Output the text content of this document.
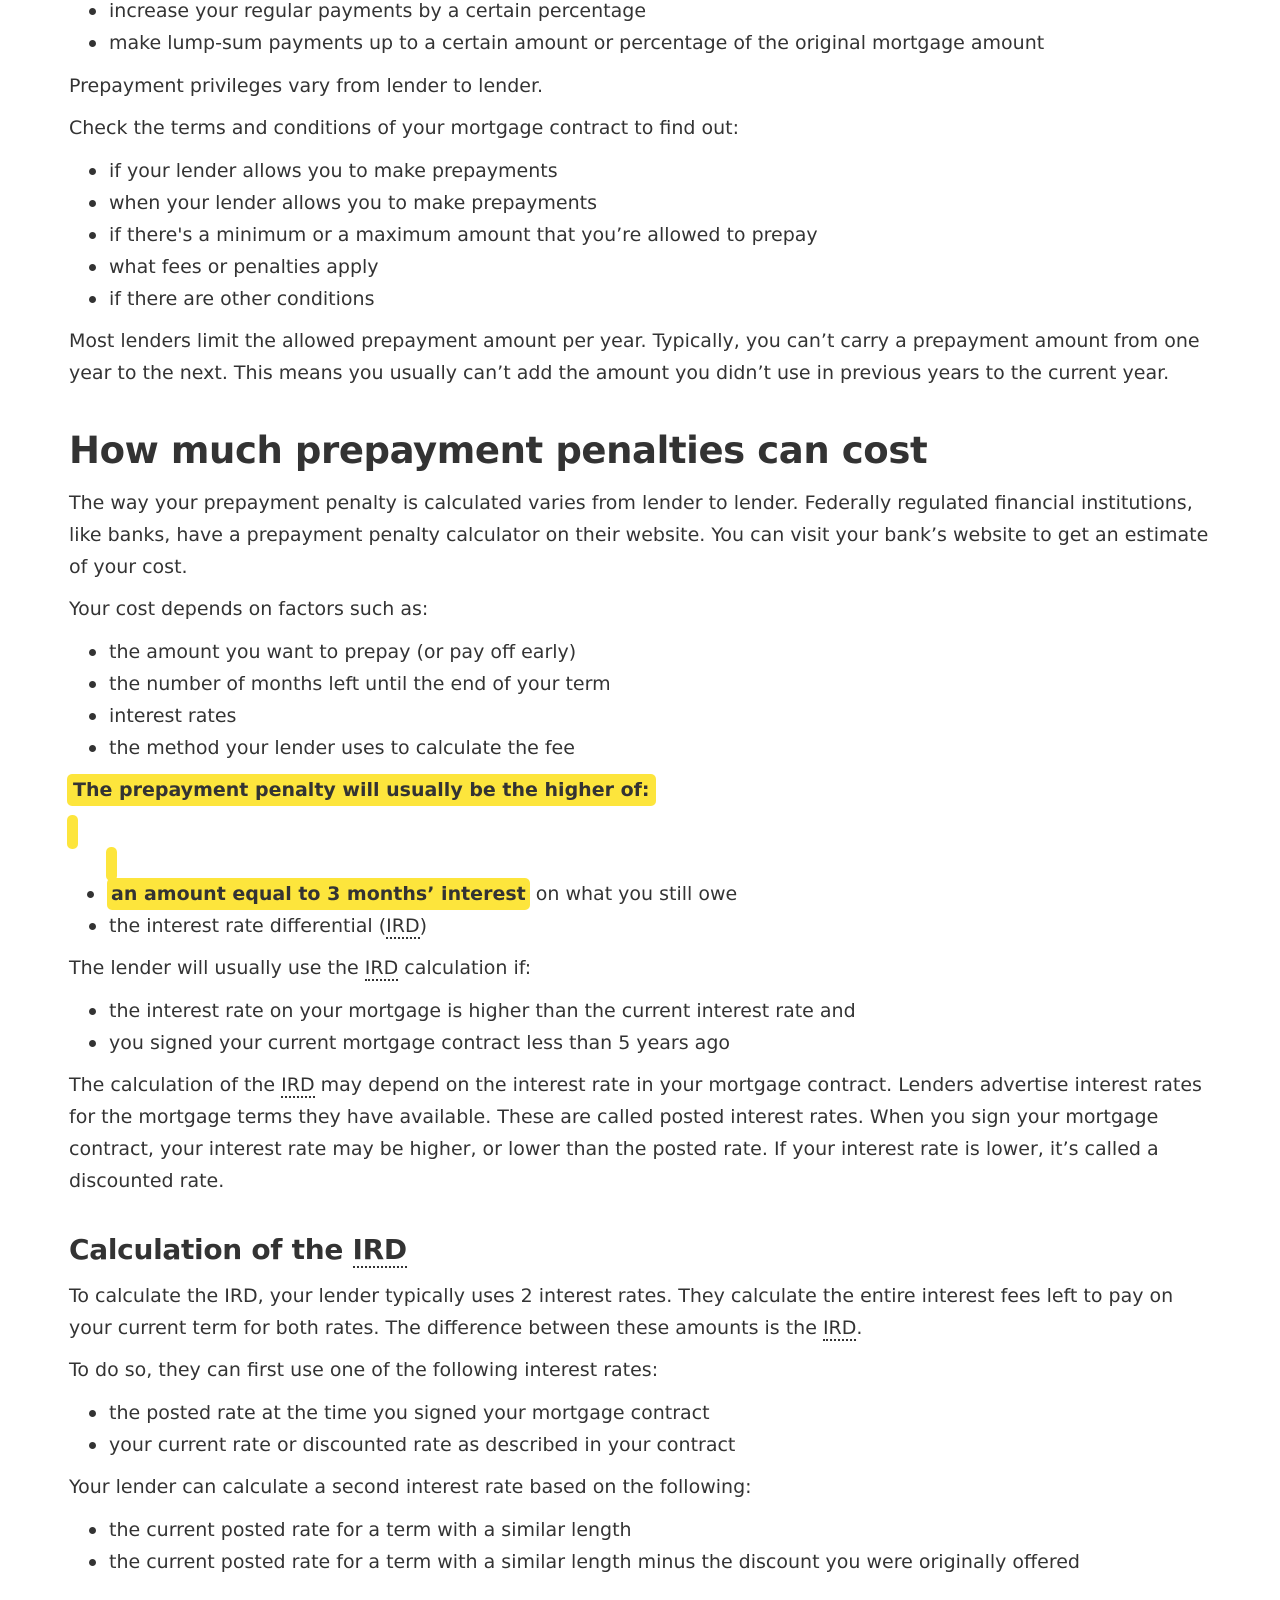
increase your regular payments by a certain percentage
make lump-sum payments up to a certain amount or percentage of the original mortgage amount

Prepayment privileges vary from lender to lender.

Check the terms and conditions of your mortgage contract to find out:

if your lender allows you to make prepayments
when your lender allows you to make prepayments
if there's a minimum or a maximum amount that you’re allowed to prepay
what fees or penalties apply
if there are other conditions

Most lenders limit the allowed prepayment amount per year. Typically, you can’t carry a prepayment amount from one year to the next. This means you usually can’t add the amount you didn’t use in previous years to the current year.

How much prepayment penalties can cost

The way your prepayment penalty is calculated varies from lender to lender. Federally regulated financial institutions, like banks, have a prepayment penalty calculator on their website. You can visit your bank’s website to get an estimate of your cost.

Your cost depends on factors such as:

the amount you want to prepay (or pay off early)
the number of months left until the end of your term
interest rates
the method your lender uses to calculate the fee
The prepayment penalty will usually be the higher of:
an amount equal to 3 months’ interest on what you still owe
the interest rate differential (IRD)

The lender will usually use the IRD calculation if:

the interest rate on your mortgage is higher than the current interest rate and
you signed your current mortgage contract less than 5 years ago

The calculation of the IRD may depend on the interest rate in your mortgage contract. Lenders advertise interest rates for the mortgage terms they have available. These are called posted interest rates. When you sign your mortgage contract, your interest rate may be higher, or lower than the posted rate. If your interest rate is lower, it’s called a discounted rate.

Calculation of the IRD

To calculate the IRD, your lender typically uses 2 interest rates. They calculate the entire interest fees left to pay on your current term for both rates. The difference between these amounts is the IRD.

To do so, they can first use one of the following interest rates:

the posted rate at the time you signed your mortgage contract
your current rate or discounted rate as described in your contract

Your lender can calculate a second interest rate based on the following:

the current posted rate for a term with a similar length
the current posted rate for a term with a similar length minus the discount you were originally offered
